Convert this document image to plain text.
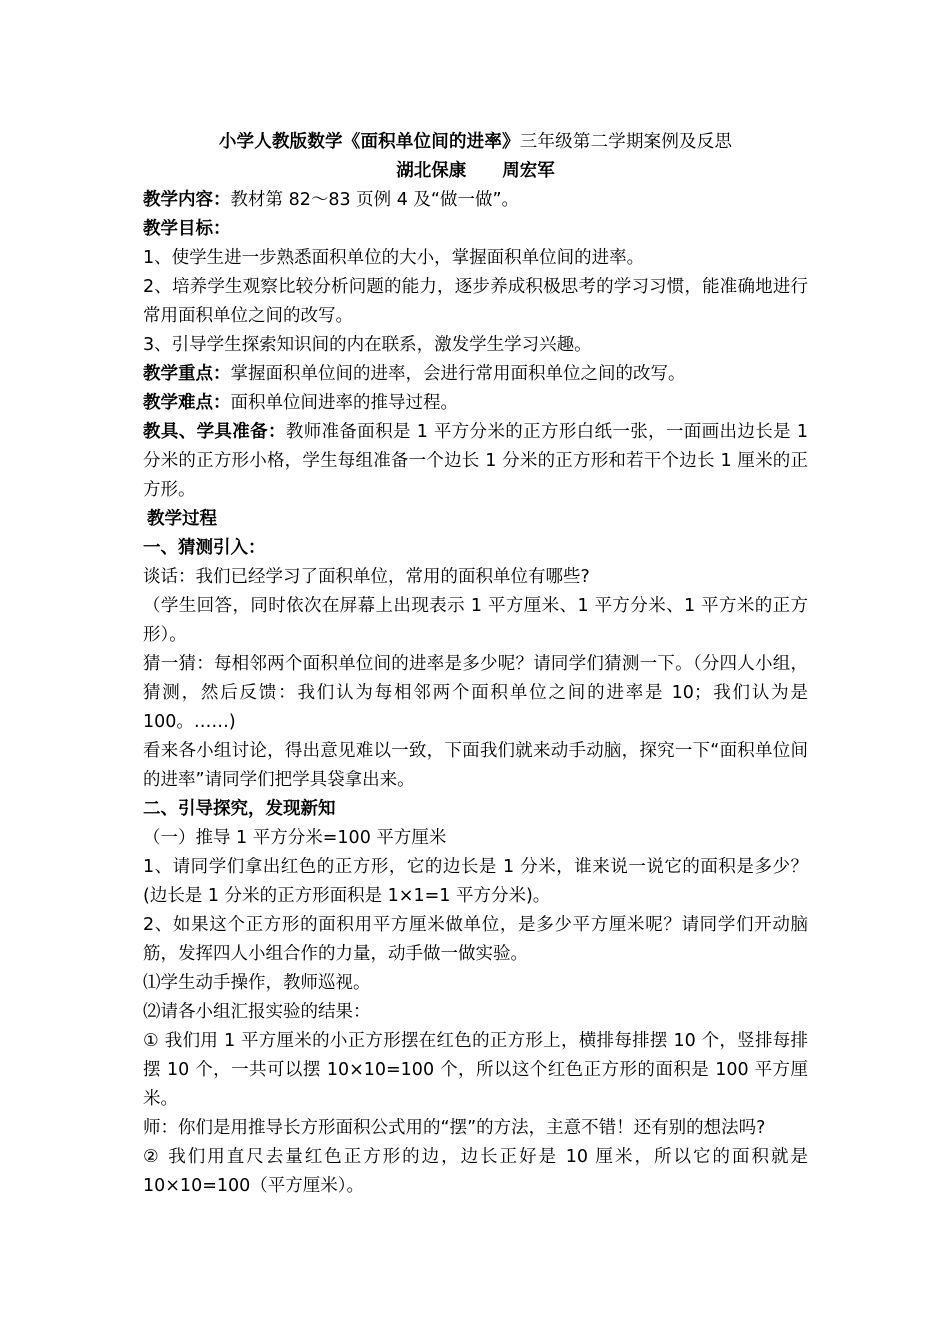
小学人教版数学《面积单位间的进率》三年级第二学期案例及反思
湖北保康 周宏军

教学内容：教材第 82～83 页例 4 及“做一做”。

教学目标：

1、使学生进一步熟悉面积单位的大小，掌握面积单位间的进率。

2、培养学生观察比较分析问题的能力，逐步养成积极思考的学习习惯，能准确地进行常用面积单位之间的改写。

3、引导学生探索知识间的内在联系，激发学生学习兴趣。

教学重点：掌握面积单位间的进率，会进行常用面积单位之间的改写。

教学难点：面积单位间进率的推导过程。

教具、学具准备：教师准备面积是 1 平方分米的正方形白纸一张，一面画出边长是 1 分米的正方形小格，学生每组准备一个边长 1 分米的正方形和若干个边长 1 厘米的正方形。

教学过程

一、猜测引入：

谈话：我们已经学习了面积单位，常用的面积单位有哪些?

（学生回答，同时依次在屏幕上出现表示 1 平方厘米、1 平方分米、1 平方米的正方形）。

猜一猜：每相邻两个面积单位间的进率是多少呢？请同学们猜测一下。（分四人小组，猜测，然后反馈：我们认为每相邻两个面积单位之间的进率是 10；我们认为是 100。……)

看来各小组讨论，得出意见难以一致，下面我们就来动手动脑，探究一下“面积单位间的进率”请同学们把学具袋拿出来。

二、引导探究，发现新知

（一）推导 1 平方分米=100 平方厘米

1、请同学们拿出红色的正方形，它的边长是 1 分米，谁来说一说它的面积是多少？(边长是 1 分米的正方形面积是 1×1=1 平方分米)。

2、如果这个正方形的面积用平方厘米做单位，是多少平方厘米呢？请同学们开动脑筋，发挥四人小组合作的力量，动手做一做实验。

⑴学生动手操作，教师巡视。

⑵请各小组汇报实验的结果：

① 我们用 1 平方厘米的小正方形摆在红色的正方形上，横排每排摆 10 个，竖排每排摆 10 个，一共可以摆 10×10=100 个，所以这个红色正方形的面积是 100 平方厘米。

师：你们是用推导长方形面积公式用的“摆”的方法，主意不错！还有别的想法吗?

② 我们用直尺去量红色正方形的边，边长正好是 10 厘米，所以它的面积就是 10×10=100（平方厘米）。
